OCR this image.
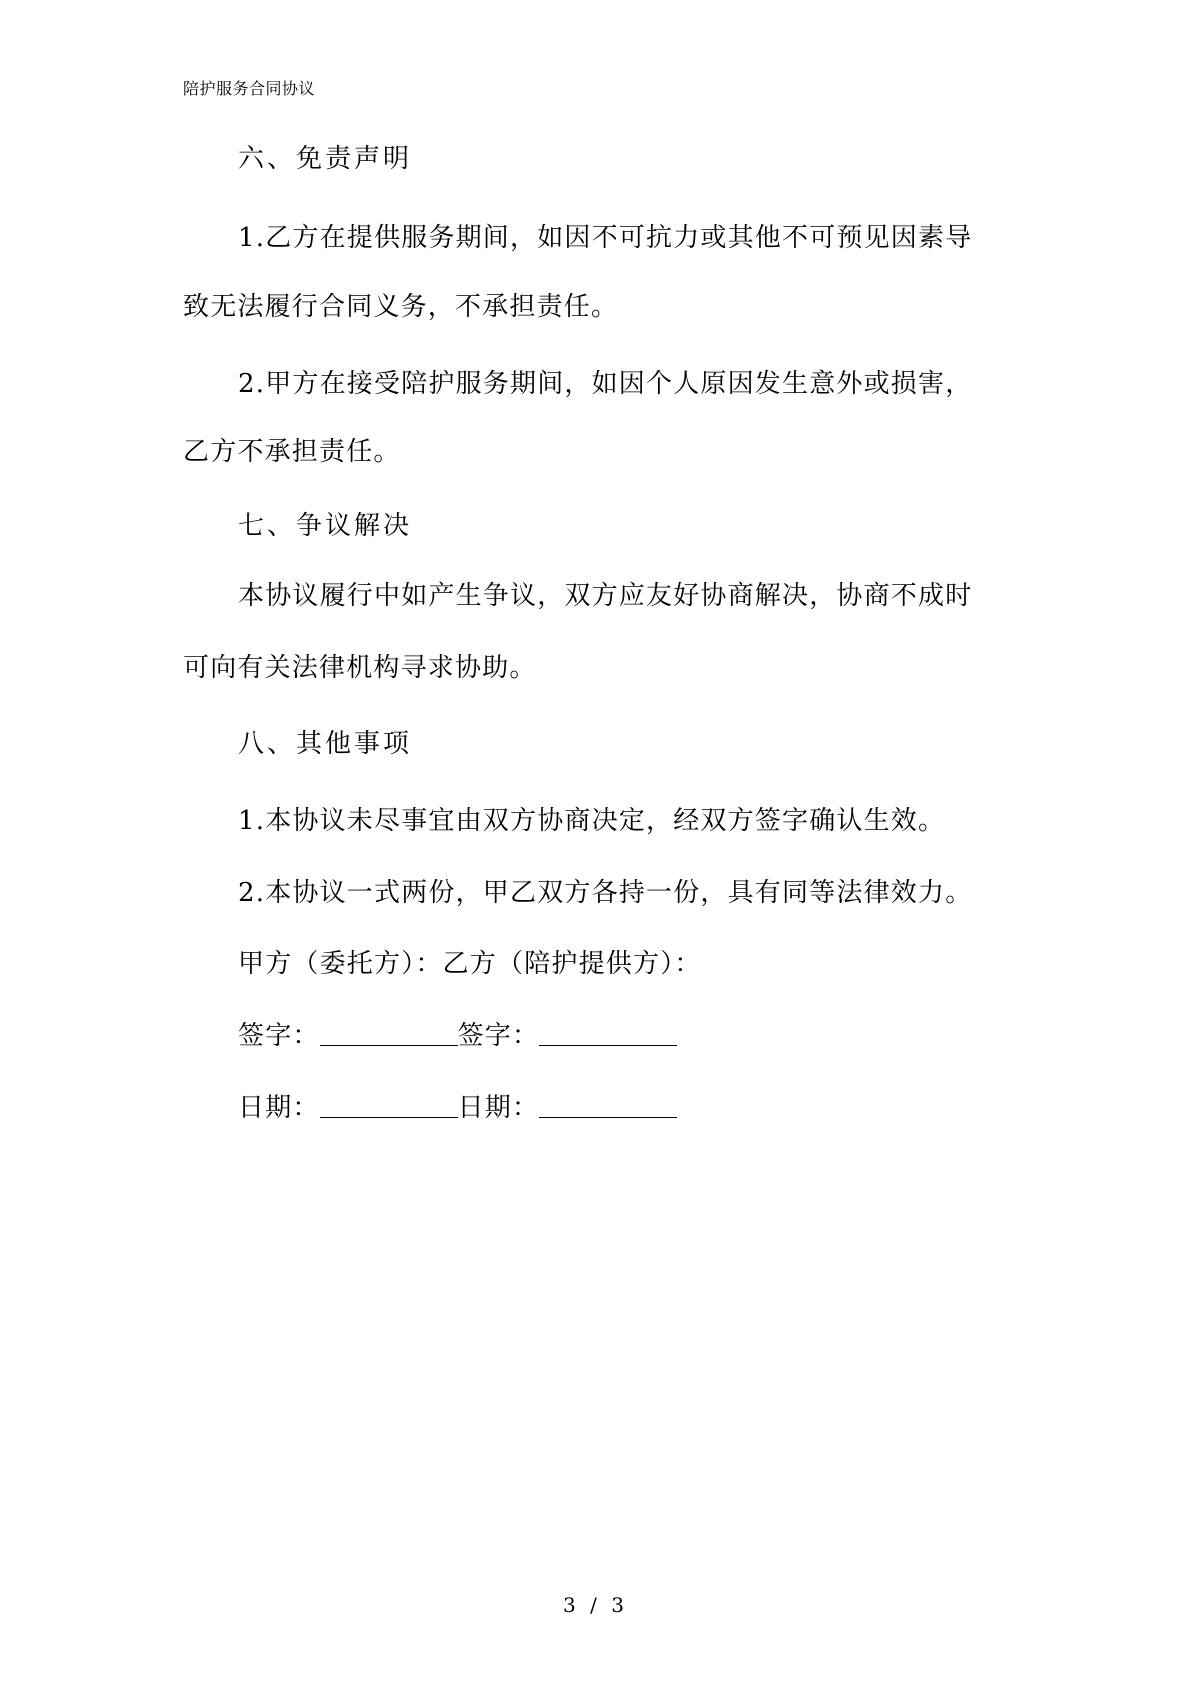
陪护服务合同协议
六、免责声明
1.乙方在提供服务期间，如因不可抗力或其他不可预见因素导
致无法履行合同义务，不承担责任。
2.甲方在接受陪护服务期间，如因个人原因发生意外或损害，
乙方不承担责任。
七、争议解决
本协议履行中如产生争议，双方应友好协商解决，协商不成时
可向有关法律机构寻求协助。
八、其他事项
1.本协议未尽事宜由双方协商决定，经双方签字确认生效。
2.本协议一式两份，甲乙双方各持一份，具有同等法律效力。
甲方（委托方）：乙方（陪护提供方）：
签字：	签字：
日期：	日期：
3 / 3
